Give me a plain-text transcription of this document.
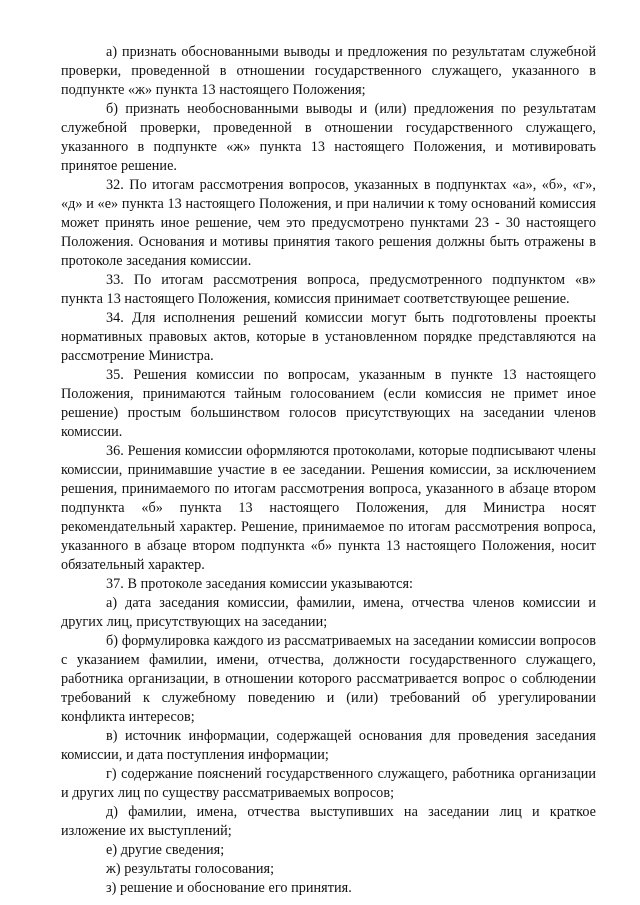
а) признать обоснованными выводы и предложения по результатам служебной проверки, проведенной в отношении государственного служащего, указанного в подпункте «ж» пункта 13 настоящего Положения;

б) признать необоснованными выводы и (или) предложения по результатам служебной проверки, проведенной в отношении государственного служащего, указанного в подпункте «ж» пункта 13 настоящего Положения, и мотивировать принятое решение.

32. По итогам рассмотрения вопросов, указанных в подпунктах «а», «б», «г», «д» и «е» пункта 13 настоящего Положения, и при наличии к тому оснований комиссия может принять иное решение, чем это предусмотрено пунктами 23 - 30 настоящего Положения. Основания и мотивы принятия такого решения должны быть отражены в протоколе заседания комиссии.

33. По итогам рассмотрения вопроса, предусмотренного подпунктом «в» пункта 13 настоящего Положения, комиссия принимает соответствующее решение.

34. Для исполнения решений комиссии могут быть подготовлены проекты нормативных правовых актов, которые в установленном порядке представляются на рассмотрение Министра.

35. Решения комиссии по вопросам, указанным в пункте 13 настоящего Положения, принимаются тайным голосованием (если комиссия не примет иное решение) простым большинством голосов присутствующих на заседании членов комиссии.

36. Решения комиссии оформляются протоколами, которые подписывают члены комиссии, принимавшие участие в ее заседании. Решения комиссии, за исключением решения, принимаемого по итогам рассмотрения вопроса, указанного в абзаце втором подпункта «б» пункта 13 настоящего Положения, для Министра носят рекомендательный характер. Решение, принимаемое по итогам рассмотрения вопроса, указанного в абзаце втором подпункта «б» пункта 13 настоящего Положения, носит обязательный характер.

37. В протоколе заседания комиссии указываются:

а) дата заседания комиссии, фамилии, имена, отчества членов комиссии и других лиц, присутствующих на заседании;

б) формулировка каждого из рассматриваемых на заседании комиссии вопросов с указанием фамилии, имени, отчества, должности государственного служащего, работника организации, в отношении которого рассматривается вопрос о соблюдении требований к служебному поведению и (или) требований об урегулировании конфликта интересов;

в) источник информации, содержащей основания для проведения заседания комиссии, и дата поступления информации;

г) содержание пояснений государственного служащего, работника организации и других лиц по существу рассматриваемых вопросов;

д) фамилии, имена, отчества выступивших на заседании лиц и краткое изложение их выступлений;

е) другие сведения;

ж) результаты голосования;

з) решение и обоснование его принятия.
